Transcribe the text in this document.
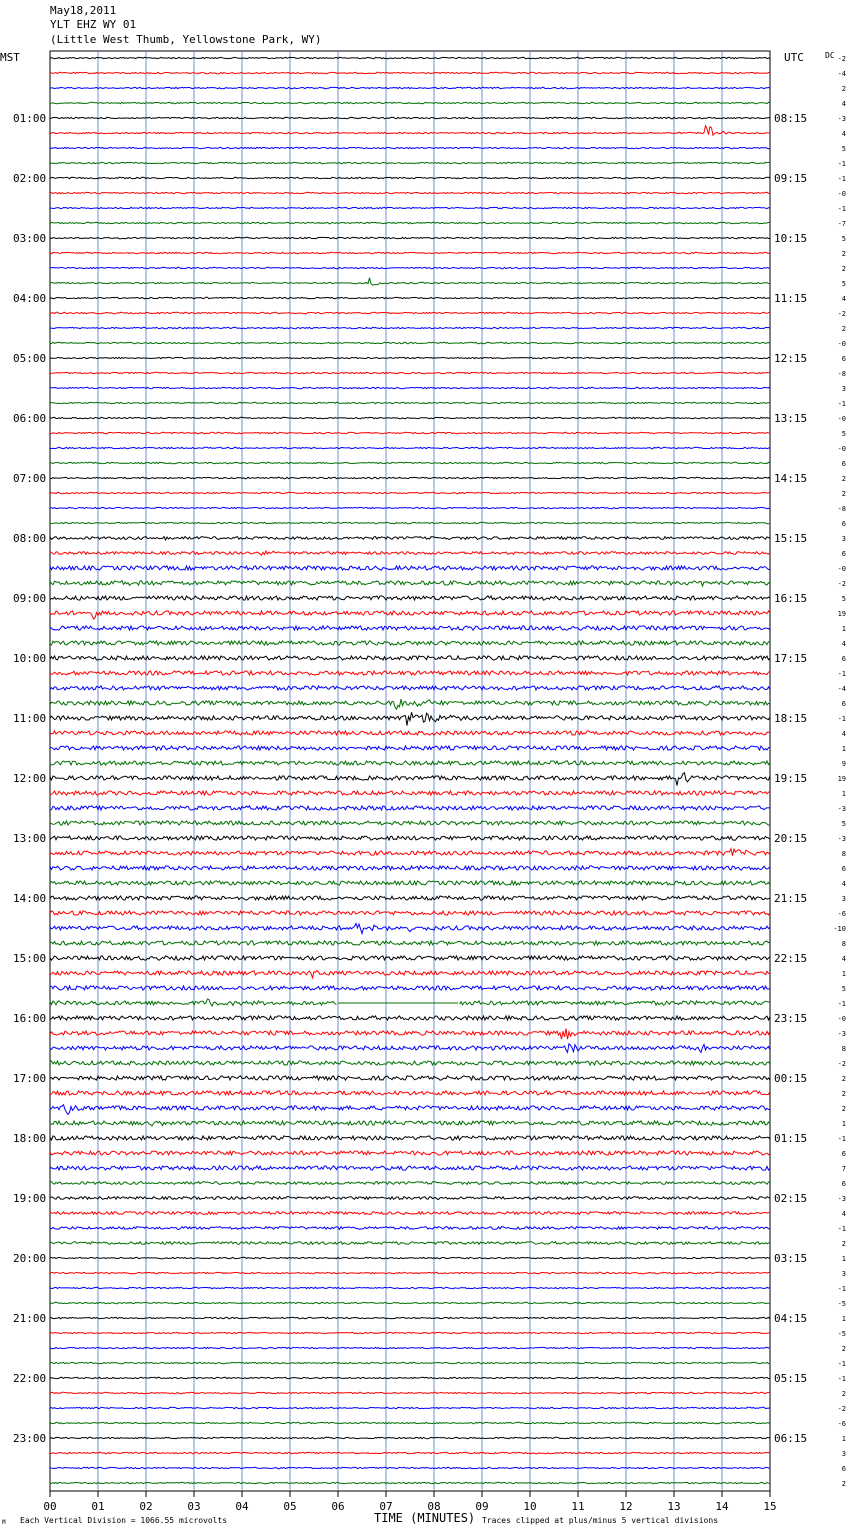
May18,2011
YLT EHZ WY 01
(Little West Thumb, Yellowstone Park, WY)
01:00
02:00
03:00
04:00
05:00
06:00
07:00
08:00
09:00
10:00
11:00
12:00
13:00
14:00
15:00
16:00
17:00
18:00
19:00
20:00
21:00
22:00
23:00
08:15
09:15
10:15
11:15
12:15
13:15
14:15
15:15
16:15
17:15
18:15
19:15
20:15
21:15
22:15
23:15
00:15
01:15
02:15
03:15
04:15
05:15
06:15
-2
-4
2
4
-3
4
5
-1
-1
-0
-1
-7
5
2
2
5
4
-2
2
-0
6
-8
3
-1
-0
5
-0
6
2
2
-8
6
3
6
-0
-2
5
19
1
4
6
-1
-4
6
-1
4
1
9
19
1
-3
5
-3
8
6
4
3
-6
-10
8
4
1
5
-1
-0
-3
8
-2
2
2
2
1
-1
6
7
6
-3
4
-1
2
1
3
-1
-5
1
-5
2
-1
-1
2
-2
-6
1
3
6
2
00	01	02	03	04	05	06	07	08	09	10	11	12	13	14	15
MST	UTC	DC
TIME (MINUTES)
Each Vertical Division = 1066.55 microvolts	Traces clipped at plus/minus 5 vertical divisions
M
